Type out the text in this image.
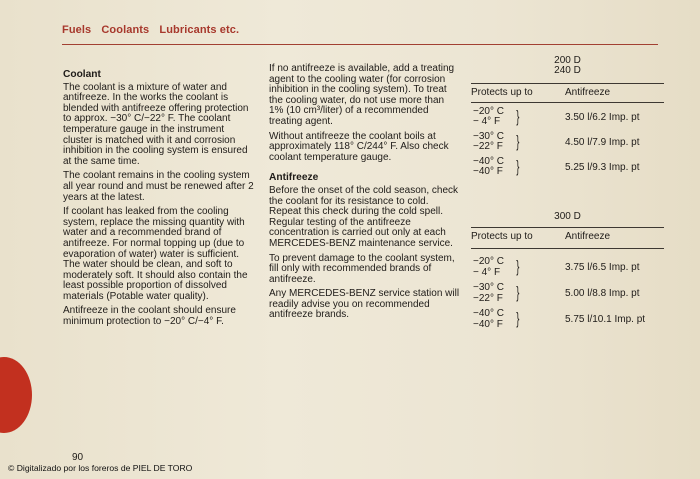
Fuels Coolants Lubricants etc.

Coolant

The coolant is a mixture of water and antifreeze. In the works the coolant is blended with antifreeze offering protection to approx. −30° C/−22° F. The coolant temperature gauge in the instrument cluster is matched with it and corrosion inhibition in the cooling system is ensured at the same time.

The coolant remains in the cooling system all year round and must be renewed after 2 years at the latest.

If coolant has leaked from the cooling system, replace the missing quantity with water and a recommended brand of antifreeze. For normal topping up (due to evaporation of water) water is sufficient. The water should be clean, and soft to moderately soft. It should also contain the least possible proportion of dissolved materials (Potable water quality).

Antifreeze in the coolant should ensure minimum protection to −20° C/−4° F.

If no antifreeze is available, add a treating agent to the cooling water (for corrosion inhibition in the cooling system). To treat the cooling water, do not use more than 1% (10 cm³/liter) of a recommended treating agent.

Without antifreeze the coolant boils at approximately 118° C/244° F. Also check coolant temperature gauge.

Antifreeze

Before the onset of the cold season, check the coolant for its resistance to cold. Repeat this check during the cold spell. Regular testing of the antifreeze concentration is carried out only at each MERCEDES-BENZ maintenance service.

To prevent damage to the coolant system, fill only with recommended brands of antifreeze.

Any MERCEDES-BENZ service station will readily advise you on recommended antifreeze brands.

200 D
240 D
Protects up to	Antifreeze
−20° C
− 4° F }	3.50 l/6.2 Imp. pt
−30° C
−22° F }	4.50 l/7.9 Imp. pt
−40° C
−40° F }	5.25 l/9.3 Imp. pt
300 D
Protects up to	Antifreeze
−20° C
− 4° F }	3.75 l/6.5 Imp. pt
−30° C
−22° F }	5.00 l/8.8 Imp. pt
−40° C
−40° F }	5.75 l/10.1 Imp. pt
90
© Digitalizado por los foreros de PIEL DE TORO
